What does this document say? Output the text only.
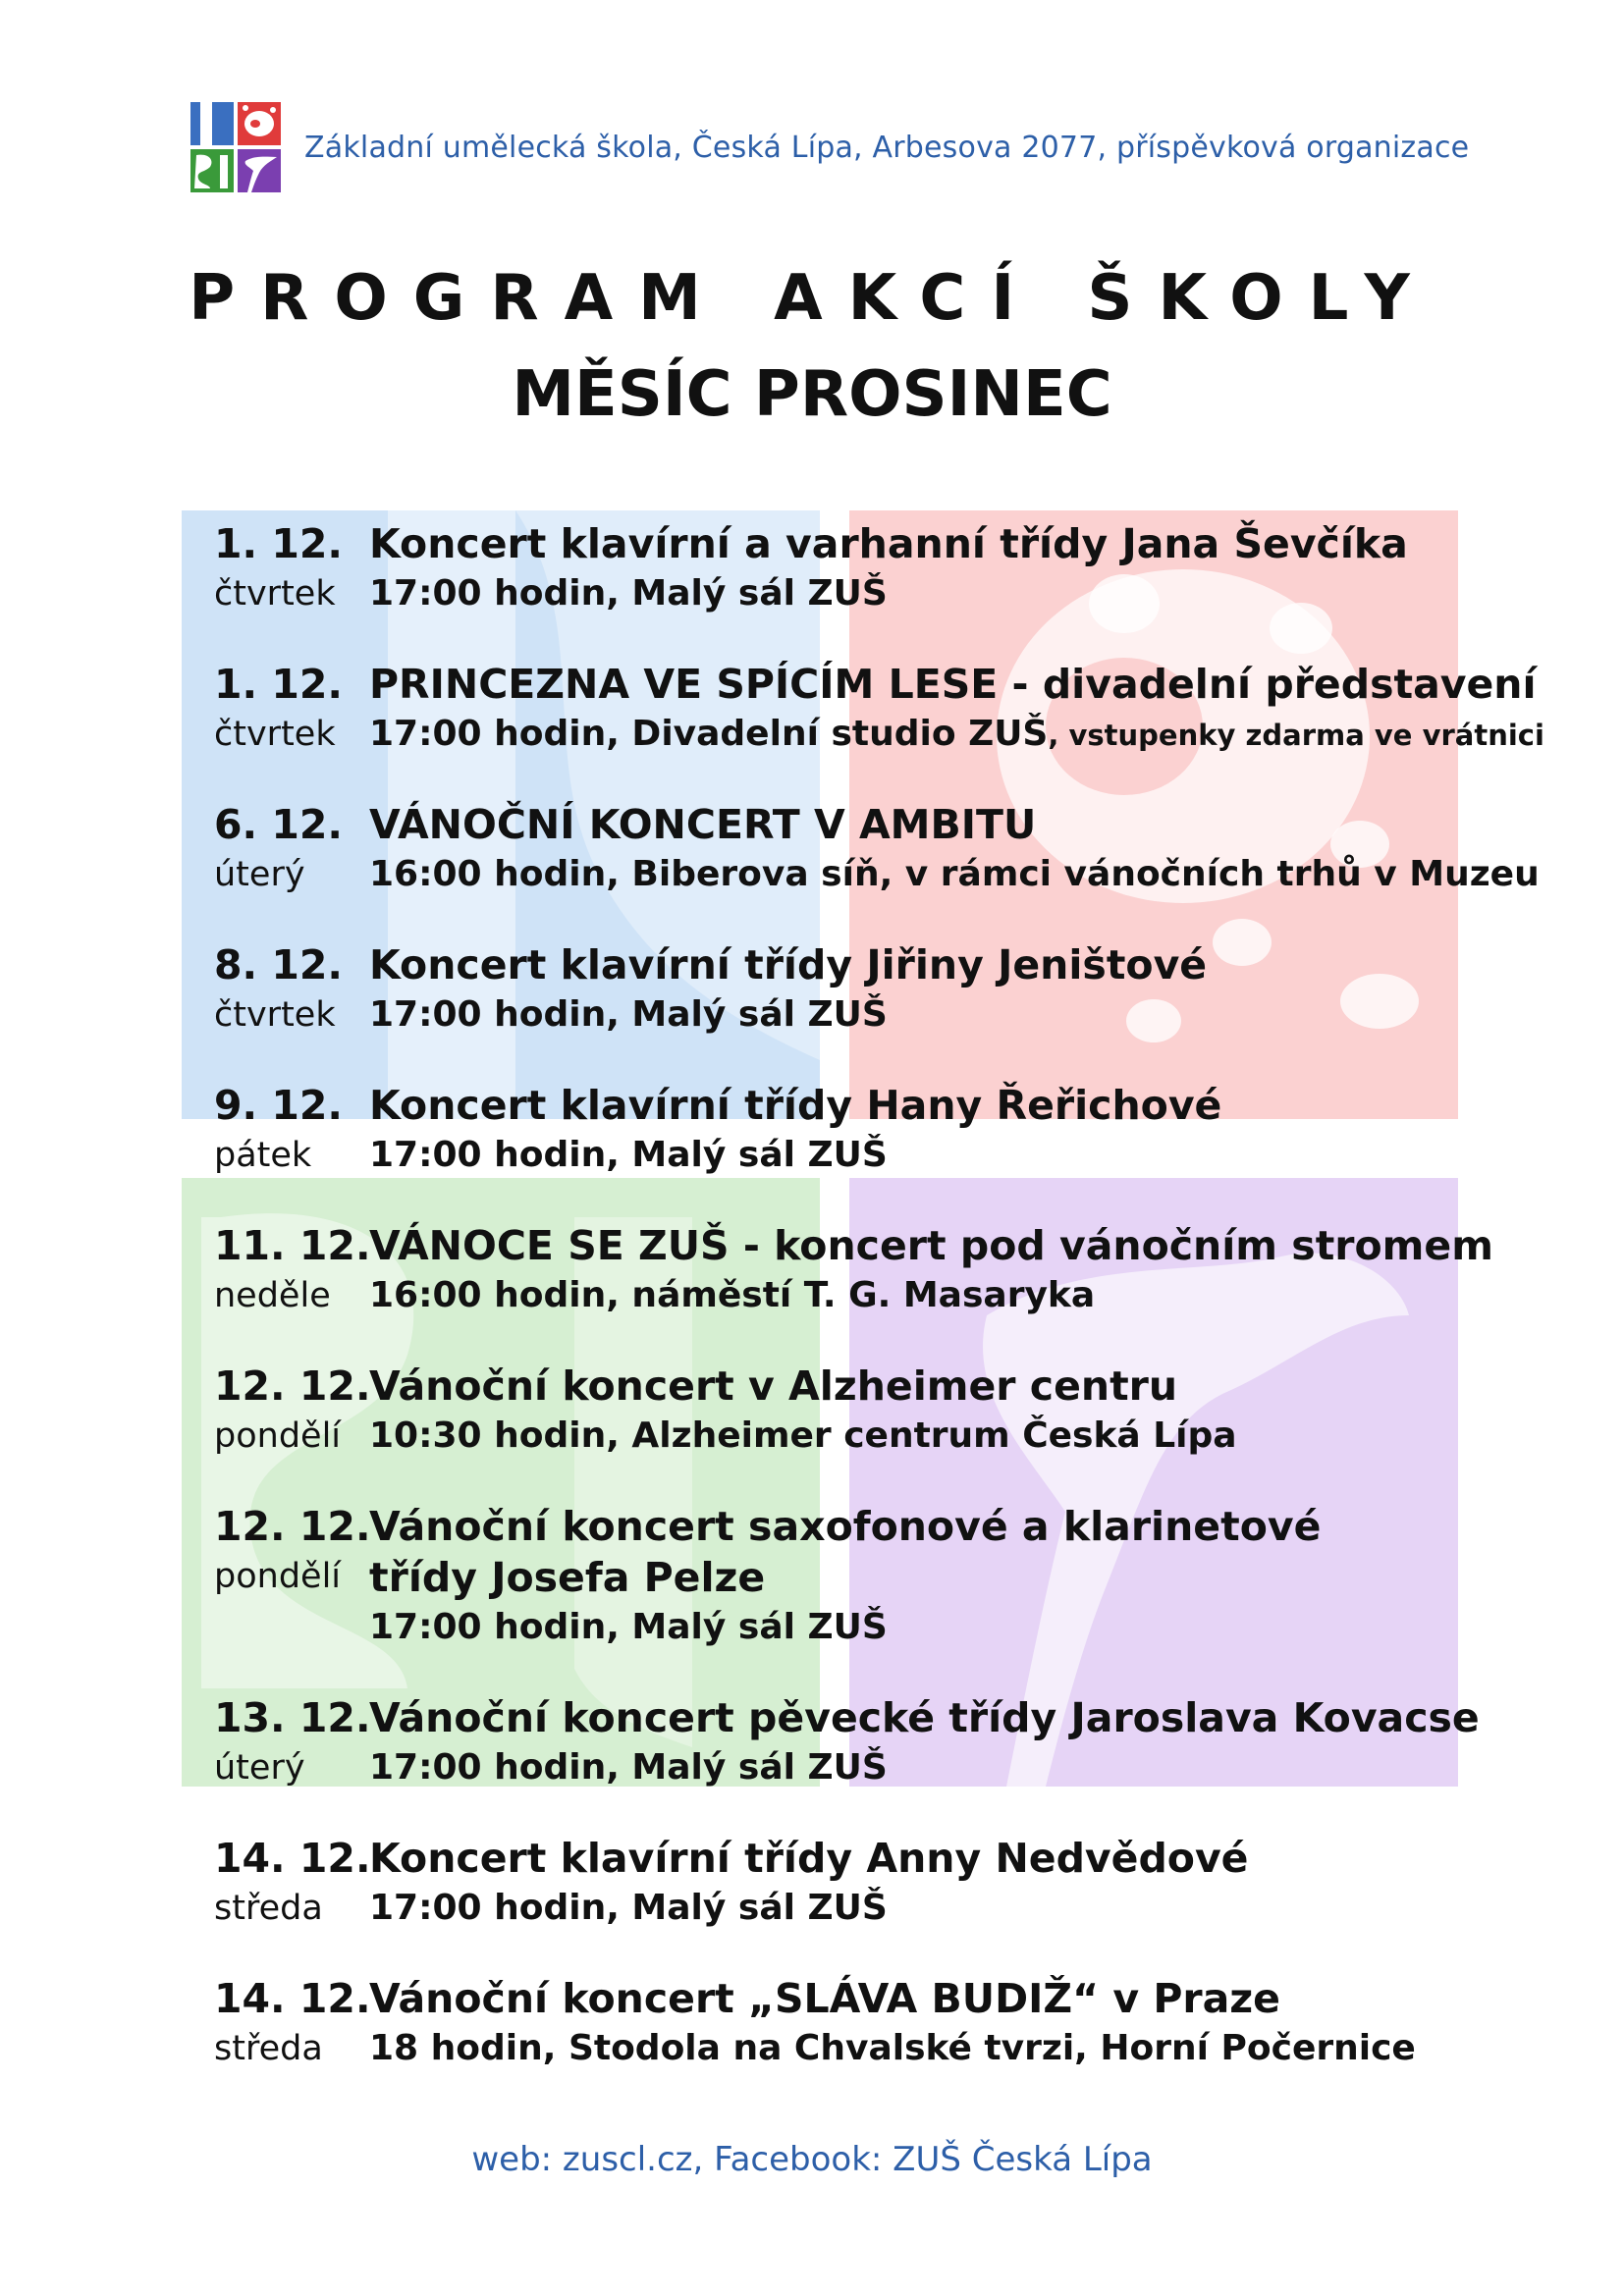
Základní umělecká škola, Česká Lípa, Arbesova 2077, příspěvková organizace
PROGRAM AKCÍ ŠKOLY
MĚSÍC PROSINEC
1. 12.
čtvrtek
Koncert klavírní a varhanní třídy Jana Ševčíka
17:00 hodin, Malý sál ZUŠ
1. 12.
čtvrtek
PRINCEZNA VE SPÍCÍM LESE - divadelní představení
17:00 hodin, Divadelní studio ZUŠ, vstupenky zdarma ve vrátnici
6. 12.
úterý
VÁNOČNÍ KONCERT V AMBITU
16:00 hodin, Biberova síň, v rámci vánočních trhů v Muzeu
8. 12.
čtvrtek
Koncert klavírní třídy Jiřiny Jeništové
17:00 hodin, Malý sál ZUŠ
9. 12.
pátek
Koncert klavírní třídy Hany Řeřichové
17:00 hodin, Malý sál ZUŠ
11. 12.
neděle
VÁNOCE SE ZUŠ - koncert pod vánočním stromem
16:00 hodin, náměstí T. G. Masaryka
12. 12.
pondělí
Vánoční koncert v Alzheimer centru
10:30 hodin, Alzheimer centrum Česká Lípa
12. 12.
pondělí
Vánoční koncert saxofonové a klarinetové třídy Josefa Pelze
17:00 hodin, Malý sál ZUŠ
13. 12.
úterý
Vánoční koncert pěvecké třídy Jaroslava Kovacse
17:00 hodin, Malý sál ZUŠ
14. 12.
středa
Koncert klavírní třídy Anny Nedvědové
17:00 hodin, Malý sál ZUŠ
14. 12.
středa
Vánoční koncert „SLÁVA BUDIŽ“ v Praze
18 hodin, Stodola na Chvalské tvrzi, Horní Počernice
web: zuscl.cz, Facebook: ZUŠ Česká Lípa
